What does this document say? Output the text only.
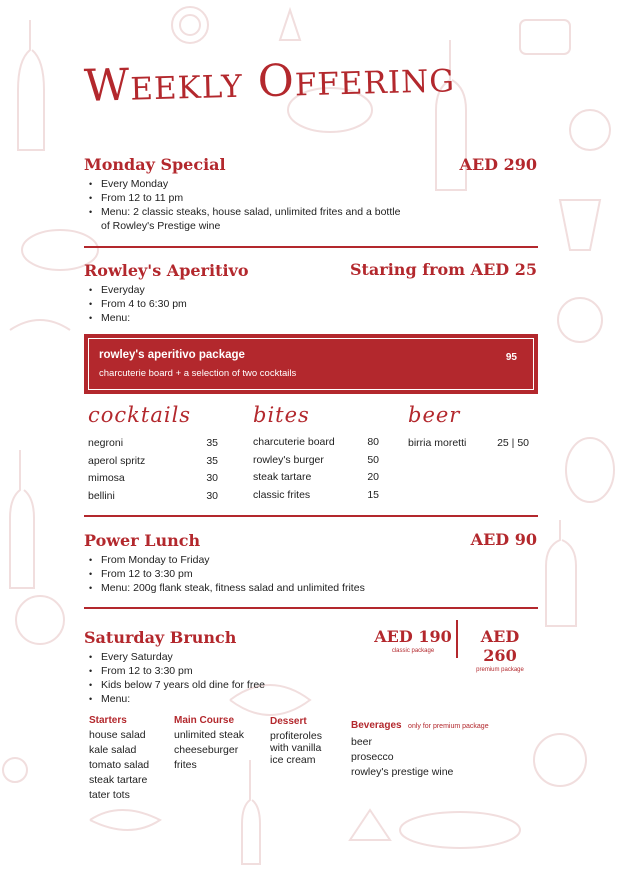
Weekly Offering
Monday Special	AED 290
• Every Monday
• From 12 to 11 pm
• Menu: 2 classic steaks, house salad, unlimited frites and a bottle
of Rowley's Prestige wine
Rowley's Aperitivo	Staring from AED 25
• Everyday
• From 4 to 6:30 pm
• Menu:
rowley's aperitivo package
charcuterie board + a selection of two cocktails
95
cocktails
negroni	35
aperol spritz	35
mimosa	30
bellini	30
bites
charcuterie board	80
rowley's burger	50
steak tartare	20
classic frites	15
beer
birria moretti	25 | 50
Power Lunch	AED 90
• From Monday to Friday
• From 12 to 3:30 pm
• Menu: 200g flank steak, fitness salad and unlimited frites
Saturday Brunch	AED 190
classic package
AED 260
premium package
• Every Saturday
• From 12 to 3:30 pm
• Kids below 7 years old dine for free
• Menu:
Starters
house salad
kale salad
tomato salad
steak tartare
tater tots
Main Course
unlimited steak
cheeseburger
frites
Dessert
profiteroles
with vanilla
ice cream
Beverages only for premium package
beer
prosecco
rowley's prestige wine
